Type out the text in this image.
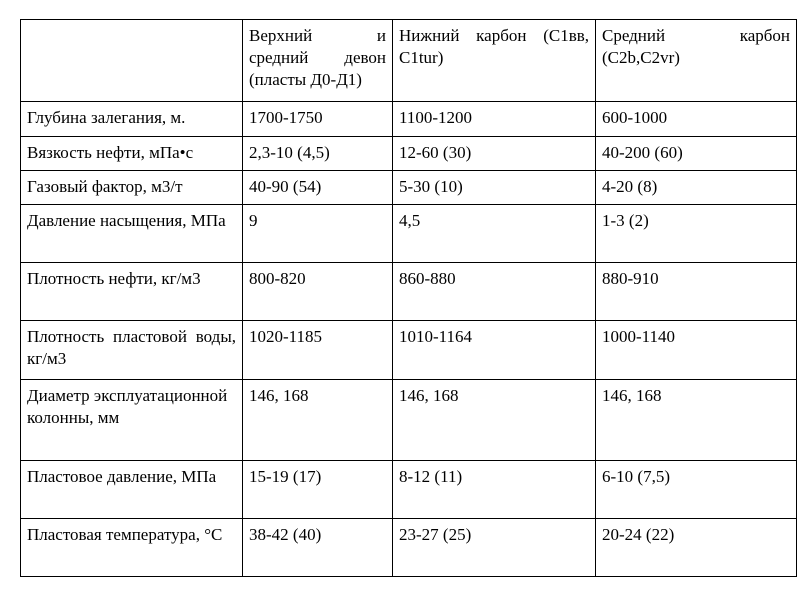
	Верхний и средний девон (пласты Д0-Д1)	Нижний карбон (С1вв, С1tur)	Средний карбон (С2b,С2vr)
Глубина залегания, м.	1700-1750	1100-1200	600-1000
Вязкость нефти, мПа•с	2,3-10 (4,5)	12-60 (30)	40-200 (60)
Газовый фактор, м3/т	40-90 (54)	5-30 (10)	4-20 (8)
Давление насыщения, МПа	9	4,5	1-3 (2)
Плотность нефти, кг/м3	800-820	860-880	880-910
Плотность пластовой воды, кг/м3	1020-1185	1010-1164	1000-1140
Диаметр эксплуатационной колонны, мм	146, 168	146, 168	146, 168
Пластовое давление, МПа	15-19 (17)	8-12 (11)	6-10 (7,5)
Пластовая температура, °С	38-42 (40)	23-27 (25)	20-24 (22)
